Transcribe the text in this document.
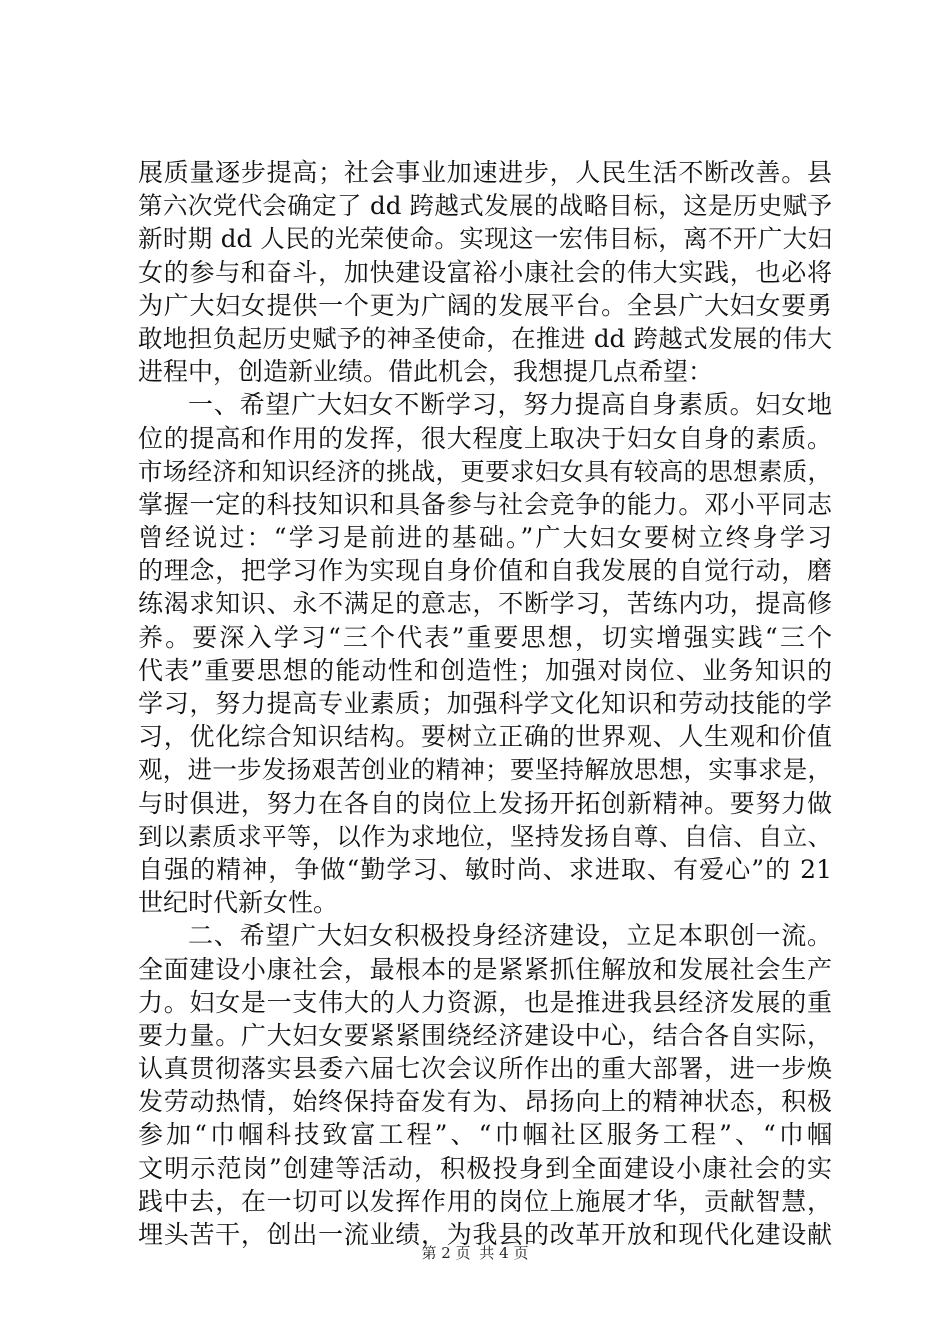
展质量逐步提高；社会事业加速进步，人民生活不断改善。县
第六次党代会确定了 dd 跨越式发展的战略目标，这是历史赋予
新时期 dd 人民的光荣使命。实现这一宏伟目标，离不开广大妇
女的参与和奋斗，加快建设富裕小康社会的伟大实践，也必将
为广大妇女提供一个更为广阔的发展平台。全县广大妇女要勇
敢地担负起历史赋予的神圣使命，在推进 dd 跨越式发展的伟大
进程中，创造新业绩。借此机会，我想提几点希望：
一、希望广大妇女不断学习，努力提高自身素质。妇女地
位的提高和作用的发挥，很大程度上取决于妇女自身的素质。
市场经济和知识经济的挑战，更要求妇女具有较高的思想素质，
掌握一定的科技知识和具备参与社会竞争的能力。邓小平同志
曾经说过：“学习是前进的基础。”广大妇女要树立终身学习
的理念，把学习作为实现自身价值和自我发展的自觉行动，磨
练渴求知识、永不满足的意志，不断学习，苦练内功，提高修
养。要深入学习“三个代表”重要思想，切实增强实践“三个
代表”重要思想的能动性和创造性；加强对岗位、业务知识的
学习，努力提高专业素质；加强科学文化知识和劳动技能的学
习，优化综合知识结构。要树立正确的世界观、人生观和价值
观，进一步发扬艰苦创业的精神；要坚持解放思想，实事求是，
与时俱进，努力在各自的岗位上发扬开拓创新精神。要努力做
到以素质求平等，以作为求地位，坚持发扬自尊、自信、自立、
自强的精神，争做“勤学习、敏时尚、求进取、有爱心”的 21
世纪时代新女性。
二、希望广大妇女积极投身经济建设，立足本职创一流。
全面建设小康社会，最根本的是紧紧抓住解放和发展社会生产
力。妇女是一支伟大的人力资源，也是推进我县经济发展的重
要力量。广大妇女要紧紧围绕经济建设中心，结合各自实际，
认真贯彻落实县委六届七次会议所作出的重大部署，进一步焕
发劳动热情，始终保持奋发有为、昂扬向上的精神状态，积极
参加“巾帼科技致富工程”、“巾帼社区服务工程”、“巾帼
文明示范岗”创建等活动，积极投身到全面建设小康社会的实
践中去，在一切可以发挥作用的岗位上施展才华，贡献智慧，
埋头苦干，创出一流业绩，为我县的改革开放和现代化建设献
第 2 页 共 4 页
